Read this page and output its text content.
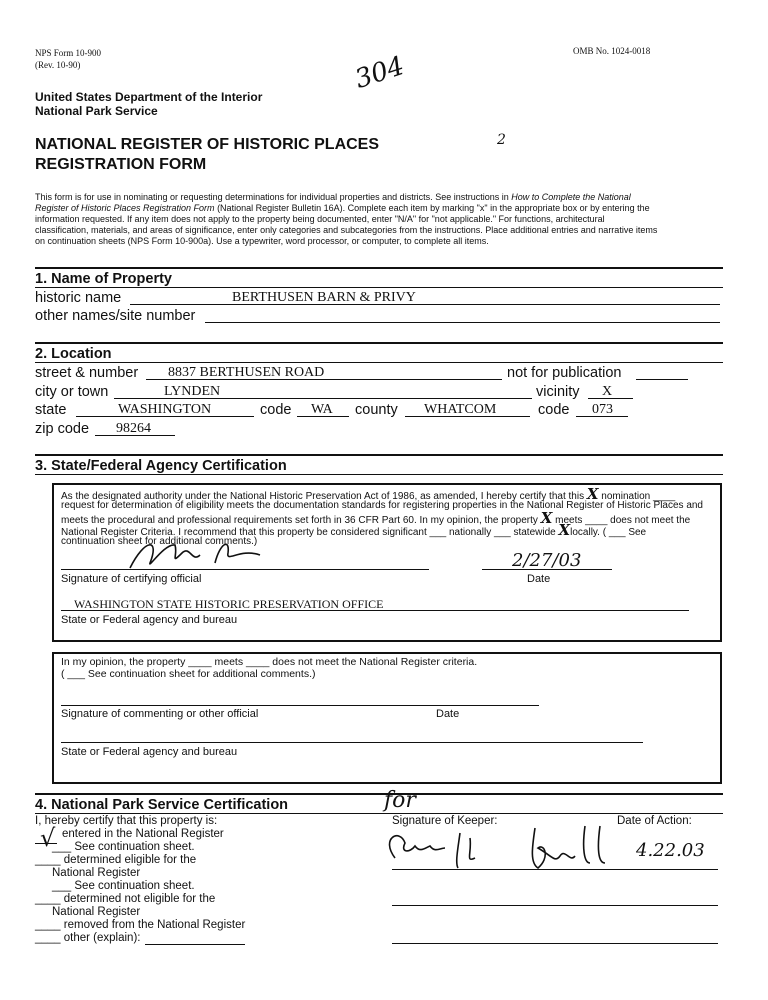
NPS Form 10-900
(Rev. 10-90)
OMB No. 1024-0018
304
2
United States Department of the Interior
National Park Service
NATIONAL REGISTER OF HISTORIC PLACES
REGISTRATION FORM
This form is for use in nominating or requesting determinations for individual properties and districts. See instructions in How to Complete the National
Register of Historic Places Registration Form (National Register Bulletin 16A). Complete each item by marking "x" in the appropriate box or by entering the
information requested. If any item does not apply to the property being documented, enter "N/A" for "not applicable." For functions, architectural
classification, materials, and areas of significance, enter only categories and subcategories from the instructions. Place additional entries and narrative items
on continuation sheets (NPS Form 10-900a). Use a typewriter, word processor, or computer, to complete all items.
1. Name of Property
historic name	BERTHUSEN BARN & PRIVY
other names/site number
2. Location
street & number 8837 BERTHUSEN ROAD	not for publication
city or town	LYNDEN	vicinity X
state	WASHINGTON	code WA county WHATCOM	code 073
zip code 98264
3. State/Federal Agency Certification
As the designated authority under the National Historic Preservation Act of 1986, as amended, I hereby certify that this X nomination ____
request for determination of eligibility meets the documentation standards for registering properties in the National Register of Historic Places and
meets the procedural and professional requirements set forth in 36 CFR Part 60. In my opinion, the property X meets ____ does not meet the
National Register Criteria. I recommend that this property be considered significant ___ nationally ___ statewide Xlocally. ( ___ See
continuation sheet for additional comments.)
2/27/03
Signature of certifying official	Date
WASHINGTON STATE HISTORIC PRESERVATION OFFICE
State or Federal agency and bureau
In my opinion, the property ____ meets ____ does not meet the National Register criteria.
( ___ See continuation sheet for additional comments.)
Signature of commenting or other official	Date
State or Federal agency and bureau
4. National Park Service Certification
I, hereby certify that this property is:
√ entered in the National Register
___ See continuation sheet.
____ determined eligible for the
National Register
___ See continuation sheet.
____ determined not eligible for the
National Register
____ removed from the National Register
____ other (explain):
Signature of Keeper:	Date of Action:
for
4.22.03
